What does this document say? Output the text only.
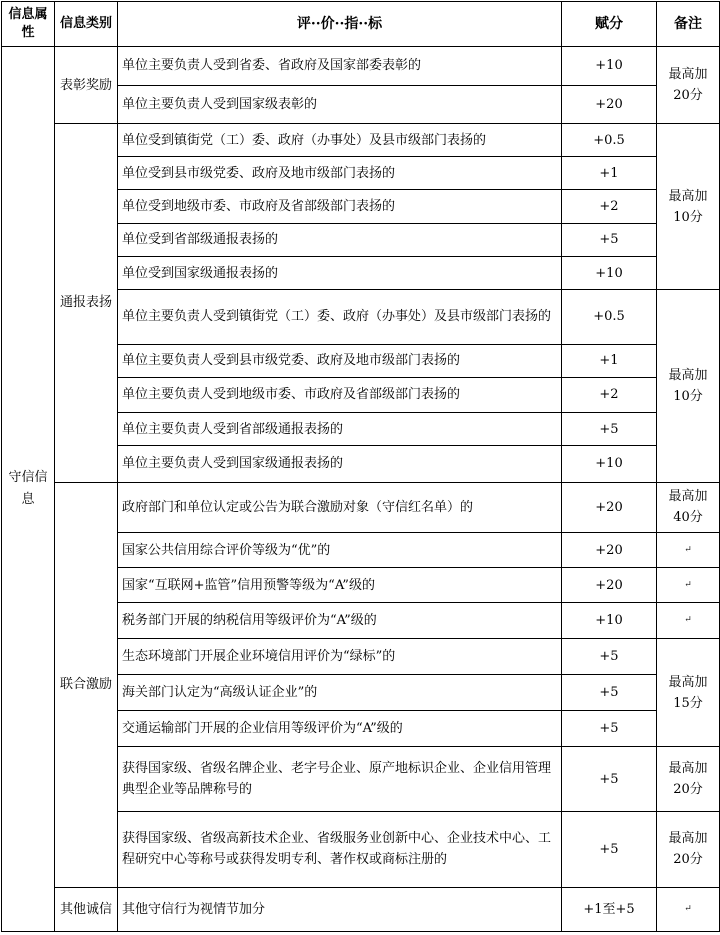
信息属性	信息类别	评··价··指··标	赋分	备注
守信信息	表彰奖励	单位主要负责人受到省委、省政府及国家部委表彰的	+10	最高加20分
		单位主要负责人受到国家级表彰的	+20	
	通报表扬	单位受到镇街党（工）委、政府（办事处）及县市级部门表扬的	+0.5	最高加10分
		单位受到县市级党委、政府及地市级部门表扬的	+1	
		单位受到地级市委、市政府及省部级部门表扬的	+2	
		单位受到省部级通报表扬的	+5	
		单位受到国家级通报表扬的	+10	
		单位主要负责人受到镇街党（工）委、政府（办事处）及县市级部门表扬的	+0.5	最高加10分
		单位主要负责人受到县市级党委、政府及地市级部门表扬的	+1	
		单位主要负责人受到地级市委、市政府及省部级部门表扬的	+2	
		单位主要负责人受到省部级通报表扬的	+5	
		单位主要负责人受到国家级通报表扬的	+10	
	联合激励	政府部门和单位认定或公告为联合激励对象（守信红名单）的	+20	最高加40分
		国家公共信用综合评价等级为“优”的	+20	↵
		国家“互联网+监管”信用预警等级为“A”级的	+20	↵
		税务部门开展的纳税信用等级评价为“A”级的	+10	↵
		生态环境部门开展企业环境信用评价为“绿标”的	+5	最高加15分
		海关部门认定为“高级认证企业”的	+5	
		交通运输部门开展的企业信用等级评价为“A”级的	+5	
		获得国家级、省级名牌企业、老字号企业、原产地标识企业、企业信用管理典型企业等品牌称号的	+5	最高加20分
		获得国家级、省级高新技术企业、省级服务业创新中心、企业技术中心、工程研究中心等称号或获得发明专利、著作权或商标注册的	+5	最高加20分
	其他诚信	其他守信行为视情节加分	+1至+5	↵
